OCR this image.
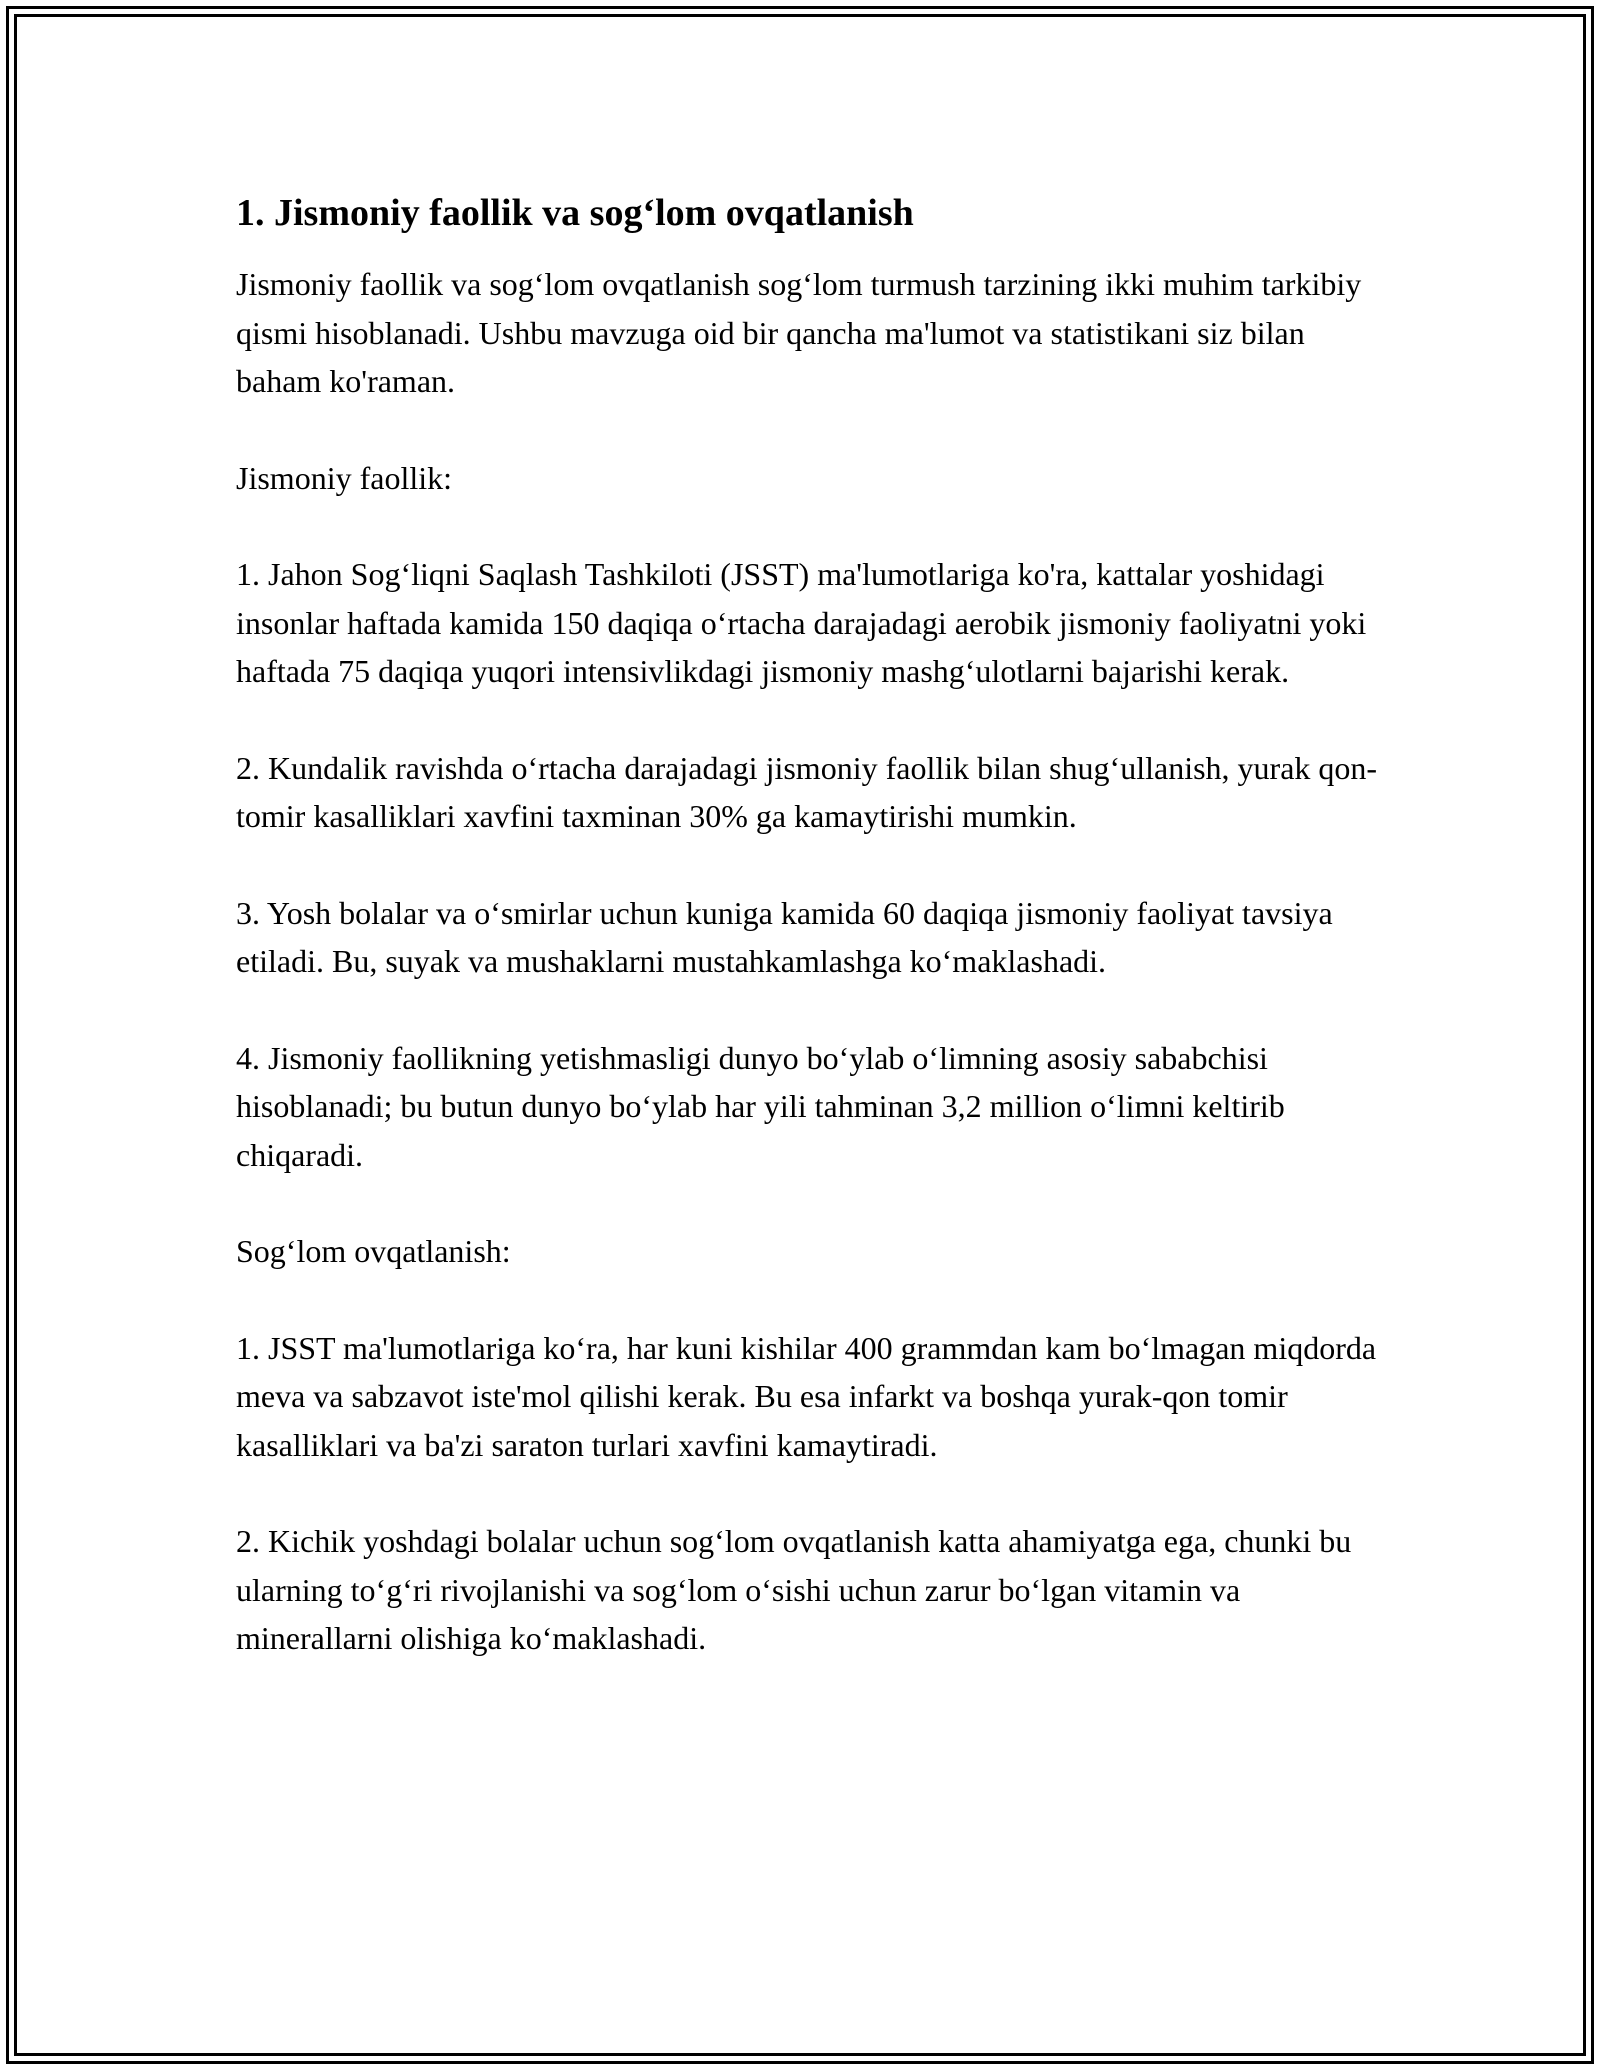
1. Jismoniy faollik va sog‘lom ovqatlanish

Jismoniy faollik va sog‘lom ovqatlanish sog‘lom turmush tarzining ikki muhim tarkibiy qismi hisoblanadi. Ushbu mavzuga oid bir qancha ma'lumot va statistikani siz bilan baham ko'raman.

Jismoniy faollik:

1. Jahon Sog‘liqni Saqlash Tashkiloti (JSST) ma'lumotlariga ko'ra, kattalar yoshidagi insonlar haftada kamida 150 daqiqa o‘rtacha darajadagi aerobik jismoniy faoliyatni yoki haftada 75 daqiqa yuqori intensivlikdagi jismoniy mashg‘ulotlarni bajarishi kerak.

2. Kundalik ravishda o‘rtacha darajadagi jismoniy faollik bilan shug‘ullanish, yurak qon-tomir kasalliklari xavfini taxminan 30% ga kamaytirishi mumkin.

3. Yosh bolalar va o‘smirlar uchun kuniga kamida 60 daqiqa jismoniy faoliyat tavsiya etiladi. Bu, suyak va mushaklarni mustahkamlashga ko‘maklashadi.

4. Jismoniy faollikning yetishmasligi dunyo bo‘ylab o‘limning asosiy sababchisi hisoblanadi; bu butun dunyo bo‘ylab har yili tahminan 3,2 million o‘limni keltirib chiqaradi.

Sog‘lom ovqatlanish:

1. JSST ma'lumotlariga ko‘ra, har kuni kishilar 400 grammdan kam bo‘lmagan miqdorda meva va sabzavot iste'mol qilishi kerak. Bu esa infarkt va boshqa yurak-qon tomir kasalliklari va ba'zi saraton turlari xavfini kamaytiradi.

2. Kichik yoshdagi bolalar uchun sog‘lom ovqatlanish katta ahamiyatga ega, chunki bu ularning to‘g‘ri rivojlanishi va sog‘lom o‘sishi uchun zarur bo‘lgan vitamin va minerallarni olishiga ko‘maklashadi.
